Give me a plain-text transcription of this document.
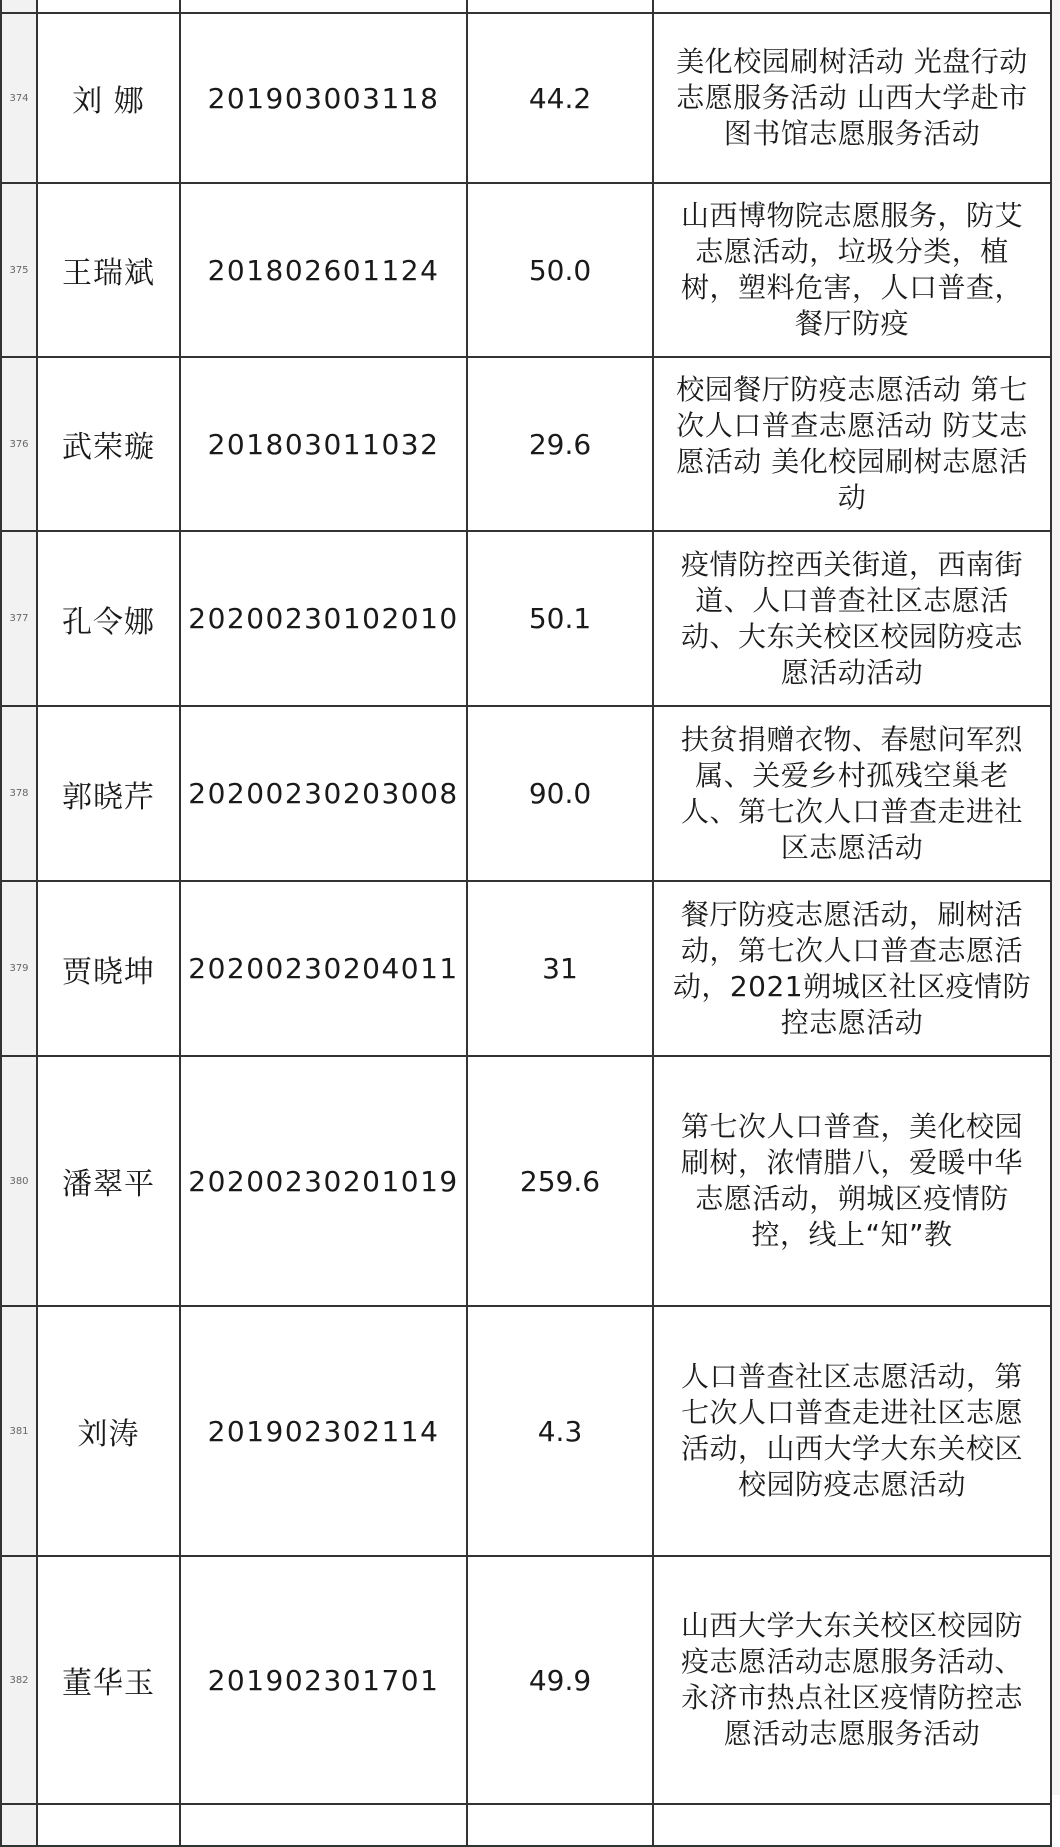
374	刘 娜	201903003118	44.2	美化校园刷树活动 光盘行动志愿服务活动 山西大学赴市图书馆志愿服务活动
375	王瑞斌	201802601124	50.0	山西博物院志愿服务，防艾志愿活动，垃圾分类，植树，塑料危害，人口普查，餐厅防疫
376	武荣璇	201803011032	29.6	校园餐厅防疫志愿活动 第七次人口普查志愿活动 防艾志愿活动 美化校园刷树志愿活动
377	孔令娜	20200230102010	50.1	疫情防控西关街道，西南街道、人口普查社区志愿活动、大东关校区校园防疫志愿活动活动
378	郭晓芹	20200230203008	90.0	扶贫捐赠衣物、春慰问军烈属、关爱乡村孤残空巢老人、第七次人口普查走进社区志愿活动
379	贾晓坤	20200230204011	31	餐厅防疫志愿活动，刷树活动，第七次人口普查志愿活动，2021朔城区社区疫情防控志愿活动
380	潘翠平	20200230201019	259.6	第七次人口普查，美化校园刷树，浓情腊八，爱暖中华志愿活动，朔城区疫情防控，线上“知”教
381	刘涛	201902302114	4.3	人口普查社区志愿活动，第七次人口普查走进社区志愿活动，山西大学大东关校区校园防疫志愿活动
382	董华玉	201902301701	49.9	山西大学大东关校区校园防疫志愿活动志愿服务活动、永济市热点社区疫情防控志愿活动志愿服务活动
